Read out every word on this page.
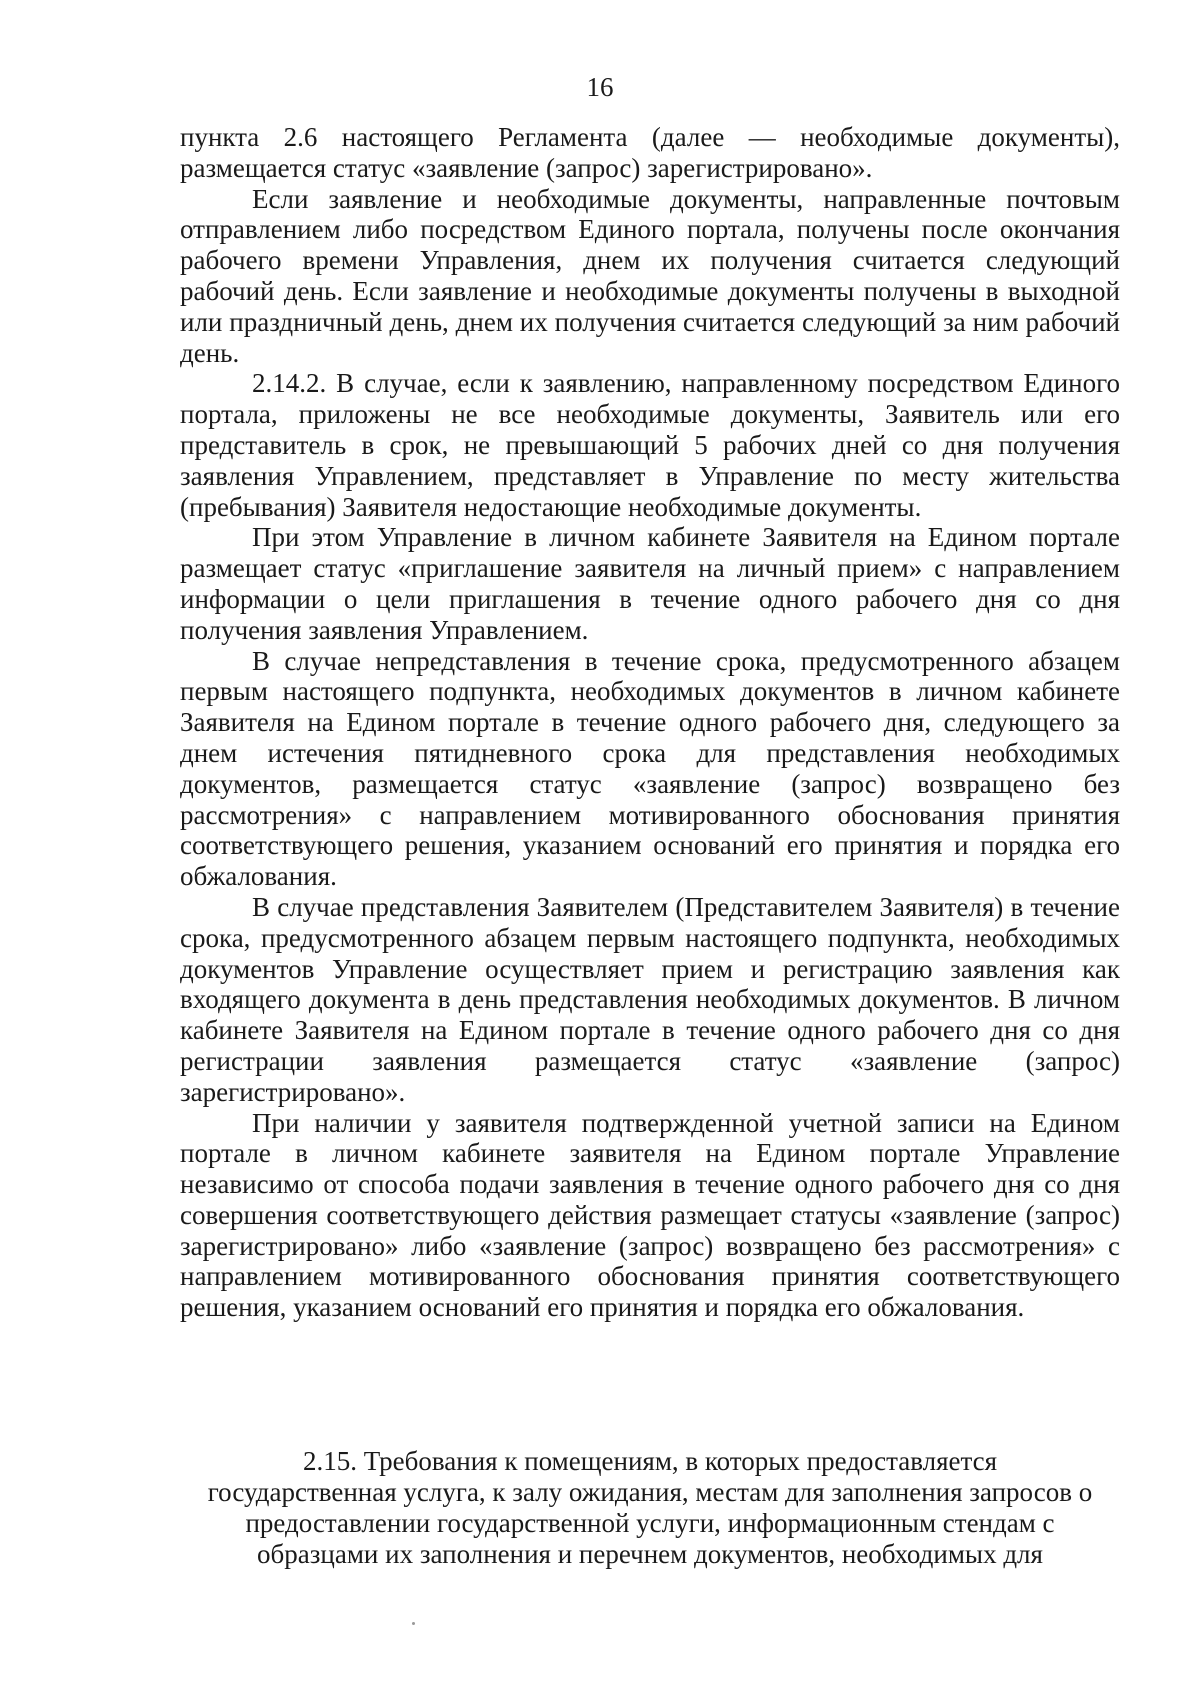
16

пункта 2.6 настоящего Регламента (далее — необходимые документы), размещается статус «заявление (запрос) зарегистрировано».

Если заявление и необходимые документы, направленные почтовым отправлением либо посредством Единого портала, получены после окончания рабочего времени Управления, днем их получения считается следующий рабочий день. Если заявление и необходимые документы получены в выходной или праздничный день, днем их получения считается следующий за ним рабочий день.

2.14.2. В случае, если к заявлению, направленному посредством Единого портала, приложены не все необходимые документы, Заявитель или его представитель в срок, не превышающий 5 рабочих дней со дня получения заявления Управлением, представляет в Управление по месту жительства (пребывания) Заявителя недостающие необходимые документы.

При этом Управление в личном кабинете Заявителя на Едином портале размещает статус «приглашение заявителя на личный прием» с направлением информации о цели приглашения в течение одного рабочего дня со дня получения заявления Управлением.

В случае непредставления в течение срока, предусмотренного абзацем первым настоящего подпункта, необходимых документов в личном кабинете Заявителя на Едином портале в течение одного рабочего дня, следующего за днем истечения пятидневного срока для представления необходимых документов, размещается статус «заявление (запрос) возвращено без рассмотрения» с направлением мотивированного обоснования принятия соответствующего решения, указанием оснований его принятия и порядка его обжалования.

В случае представления Заявителем (Представителем Заявителя) в течение срока, предусмотренного абзацем первым настоящего подпункта, необходимых документов Управление осуществляет прием и регистрацию заявления как входящего документа в день представления необходимых документов. В личном кабинете Заявителя на Едином портале в течение одного рабочего дня со дня регистрации заявления размещается статус «заявление (запрос) зарегистрировано».

При наличии у заявителя подтвержденной учетной записи на Едином портале в личном кабинете заявителя на Едином портале Управление независимо от способа подачи заявления в течение одного рабочего дня со дня совершения соответствующего действия размещает статусы «заявление (запрос) зарегистрировано» либо «заявление (запрос) возвращено без рассмотрения» с направлением мотивированного обоснования принятия соответствующего решения, указанием оснований его принятия и порядка его обжалования.

2.15. Требования к помещениям, в которых предоставляется
государственная услуга, к залу ожидания, местам для заполнения запросов о
предоставлении государственной услуги, информационным стендам с
образцами их заполнения и перечнем документов, необходимых для
